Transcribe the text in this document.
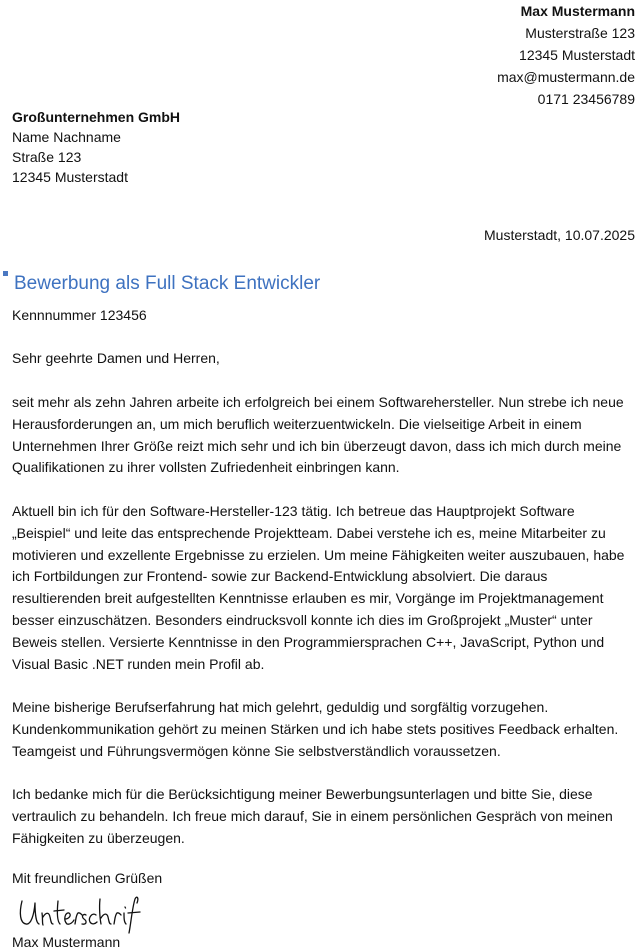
Max Mustermann
Musterstraße 123
12345 Musterstadt
max@mustermann.de
0171 23456789
Großunternehmen GmbH
Name Nachname
Straße 123
12345 Musterstadt
Musterstadt, 10.07.2025
Bewerbung als Full Stack Entwickler
Kennnummer 123456
Sehr geehrte Damen und Herren,

seit mehr als zehn Jahren arbeite ich erfolgreich bei einem Softwarehersteller. Nun strebe ich neue Herausforderungen an, um mich beruflich weiterzuentwickeln. Die vielseitige Arbeit in einem Unternehmen Ihrer Größe reizt mich sehr und ich bin überzeugt davon, dass ich mich durch meine Qualifikationen zu ihrer vollsten Zufriedenheit einbringen kann.

Aktuell bin ich für den Software-Hersteller-123 tätig. Ich betreue das Hauptprojekt Software „Beispiel“ und leite das entsprechende Projektteam. Dabei verstehe ich es, meine Mitarbeiter zu motivieren und exzellente Ergebnisse zu erzielen. Um meine Fähigkeiten weiter auszubauen, habe ich Fortbildungen zur Frontend- sowie zur Backend-Entwicklung absolviert. Die daraus resultierenden breit aufgestellten Kenntnisse erlauben es mir, Vorgänge im Projektmanagement besser einzuschätzen. Besonders eindrucksvoll konnte ich dies im Großprojekt „Muster“ unter Beweis stellen. Versierte Kenntnisse in den Programmiersprachen C++, JavaScript, Python und Visual Basic .NET runden mein Profil ab.

Meine bisherige Berufserfahrung hat mich gelehrt, geduldig und sorgfältig vorzugehen. Kundenkommunikation gehört zu meinen Stärken und ich habe stets positives Feedback erhalten. Teamgeist und Führungsvermögen könne Sie selbstverständlich voraussetzen.

Ich bedanke mich für die Berücksichtigung meiner Bewerbungsunterlagen und bitte Sie, diese vertraulich zu behandeln. Ich freue mich darauf, Sie in einem persönlichen Gespräch von meinen Fähigkeiten zu überzeugen.

Mit freundlichen Grüßen
Max Mustermann
